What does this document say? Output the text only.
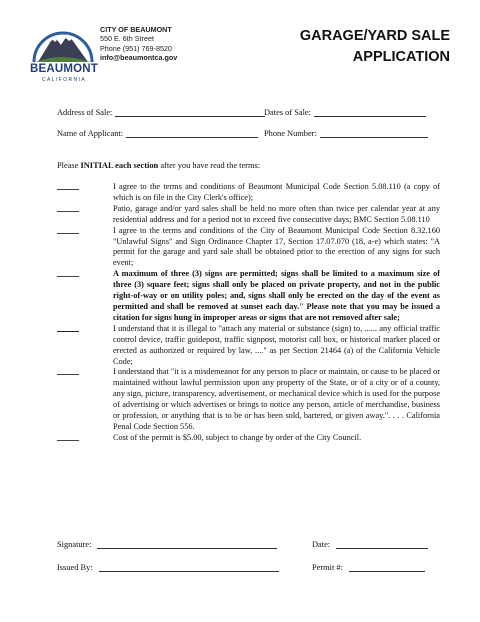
BEAUMONT
CALIFORNIA
CITY OF BEAUMONT
550 E. 6th Street
Phone (951) 769-8520
info@beaumontca.gov
GARAGE/YARD SALE
APPLICATION
Address of Sale:	Dates of Sale:
Name of Applicant:	Phone Number:
Please INITIAL each section after you have read the terms:
I agree to the terms and conditions of Beaumont Municipal Code Section 5.08.110 (a copy of which is on file in the City Clerk's office);
Patio, garage and/or yard sales shall be held no more often than twice per calendar year at any residential address and for a period not to exceed five consecutive days; BMC Section 5.08.110
I agree to the terms and conditions of the City of Beaumont Municipal Code Section 8.32.160 "Unlawful Signs" and Sign Ordinance Chapter 17, Section 17.07.070 (18, a-e) which states: "A permit for the garage and yard sale shall be obtained prior to the erection of any signs for such event;
A maximum of three (3) signs are permitted; signs shall be limited to a maximum size of three (3) square feet; signs shall only be placed on private property, and not in the public right-of-way or on utility poles; and, signs shall only be erected on the day of the event as permitted and shall be removed at sunset each day." Please note that you may be issued a citation for signs hung in improper areas or signs that are not removed after sale;
I understand that it is illegal to "attach any material or substance (sign) to, ...... any official traffic control device, traffic guidepost, traffic signpost, motorist call box, or historical marker placed or erected as authorized or required by law, ...." as per Section 21464 (a) of the California Vehicle Code;
I understand that "it is a misdemeanor for any person to place or maintain, or cause to be placed or maintained without lawful permission upon any property of the State, or of a city or of a county, any sign, picture, transparency, advertisement, or mechanical device which is used for the purpose of advertising or which advertises or brings to notice any person, article of merchandise, business or profession, or anything that is to be or has been sold, bartered, or given away.". . . . California Penal Code Section 556.
Cost of the permit is $5.00, subject to change by order of the City Council.
Signature:	Date:
Issued By:	Permit #:
